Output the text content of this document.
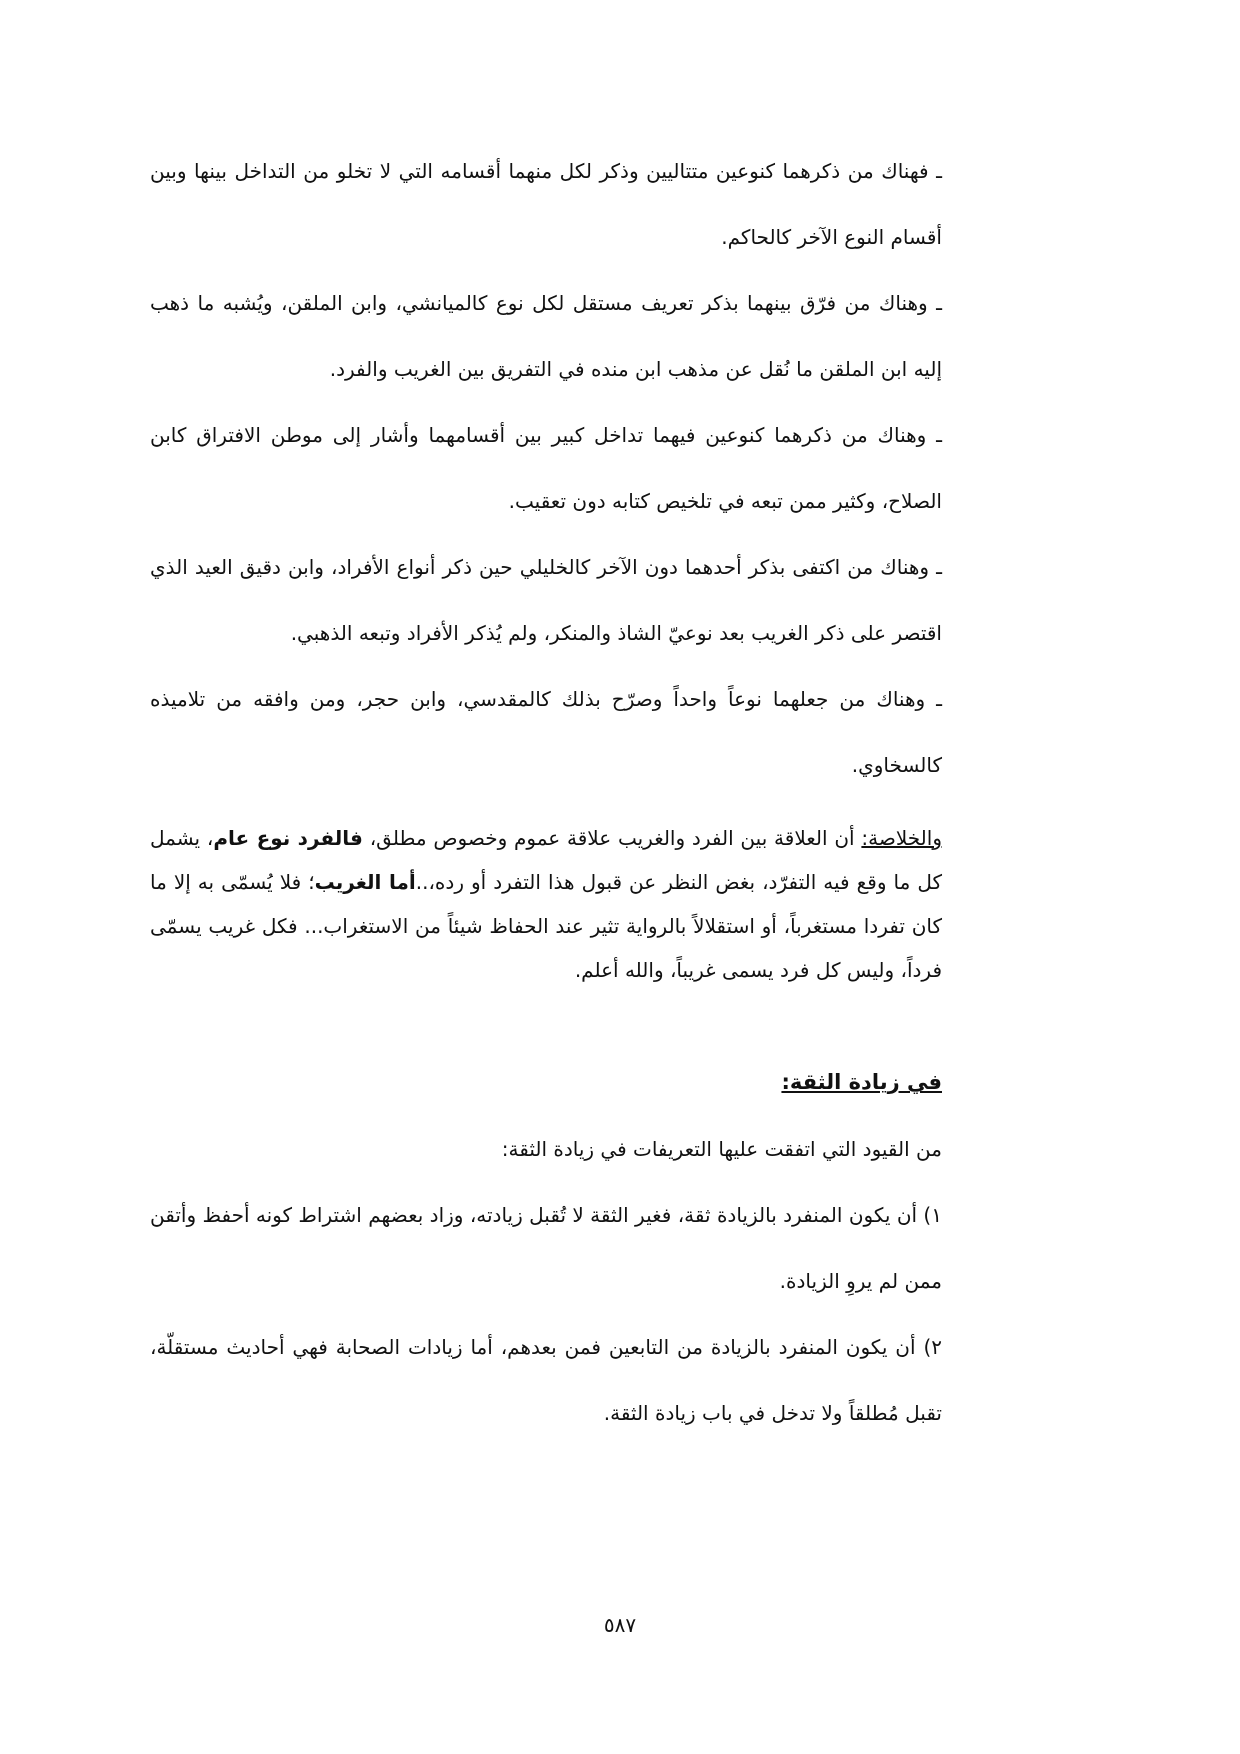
ـ فهناك من ذكرهما كنوعين متتاليين وذكر لكل منهما أقسامه التي لا تخلو من التداخل بينها وبين أقسام النوع الآخر كالحاكم.

ـ وهناك من فرّق بينهما بذكر تعريف مستقل لكل نوع كالميانشي، وابن الملقن، ويُشبه ما ذهب إليه ابن الملقن ما نُقل عن مذهب ابن منده في التفريق بين الغريب والفرد.

ـ وهناك من ذكرهما كنوعين فيهما تداخل كبير بين أقسامهما وأشار إلى موطن الافتراق كابن الصلاح، وكثير ممن تبعه في تلخيص كتابه دون تعقيب.

ـ وهناك من اكتفى بذكر أحدهما دون الآخر كالخليلي حين ذكر أنواع الأفراد، وابن دقيق العيد الذي اقتصر على ذكر الغريب بعد نوعيّ الشاذ والمنكر، ولم يُذكر الأفراد وتبعه الذهبي.

ـ وهناك من جعلهما نوعاً واحداً وصرّح بذلك كالمقدسي، وابن حجر، ومن وافقه من تلاميذه كالسخاوي.

والخلاصة: أن العلاقة بين الفرد والغريب علاقة عموم وخصوص مطلق، فالفرد نوع عام، يشمل كل ما وقع فيه التفرّد، بغض النظر عن قبول هذا التفرد أو رده،..أما الغريب؛ فلا يُسمّى به إلا ما كان تفردا مستغرباً، أو استقلالاً بالرواية تثير عند الحفاظ شيئاً من الاستغراب... فكل غريب يسمّى فرداً، وليس كل فرد يسمى غريباً، والله أعلم.

في زيادة الثقة:

من القيود التي اتفقت عليها التعريفات في زيادة الثقة:

١) أن يكون المنفرد بالزيادة ثقة، فغير الثقة لا تُقبل زيادته، وزاد بعضهم اشتراط كونه أحفظ وأتقن ممن لم يروِ الزيادة.

٢) أن يكون المنفرد بالزيادة من التابعين فمن بعدهم، أما زيادات الصحابة فهي أحاديث مستقلّة، تقبل مُطلقاً ولا تدخل في باب زيادة الثقة.

٥٨٧
